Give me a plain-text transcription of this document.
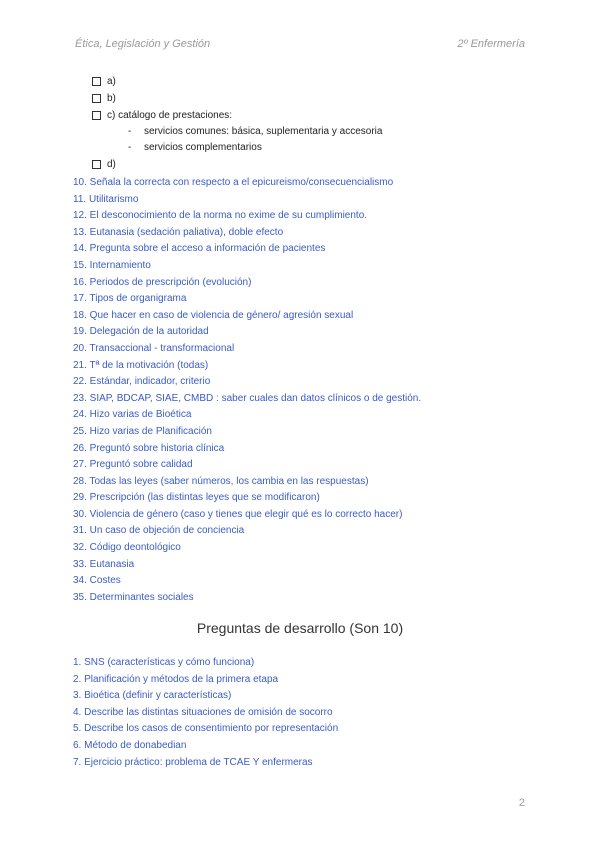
Ética, Legislación y Gestión	2º Enfermería
a)
b)
c) catálogo de prestaciones:
-	servicios comunes: básica, suplementaria y accesoria
-	servicios complementarios
d)
10. Señala la correcta con respecto a el epicureismo/consecuencialismo
11. Utilitarismo
12. El desconocimiento de la norma no exime de su cumplimiento.
13. Eutanasia (sedación paliativa), doble efecto
14. Pregunta sobre el acceso a información de pacientes
15. Internamiento
16. Periodos de prescripción (evolución)
17. Tipos de organigrama
18. Que hacer en caso de violencia de género/ agresión sexual
19. Delegación de la autoridad
20. Transaccional - transformacional
21. Tª de la motivación (todas)
22. Estándar, indicador, criterio
23. SIAP, BDCAP, SIAE, CMBD : saber cuales dan datos clínicos o de gestión.
24. Hizo varias de Bioética
25. Hizo varias de Planificación
26. Preguntó sobre historia clínica
27. Preguntó sobre calidad
28. Todas las leyes (saber números, los cambia en las respuestas)
29. Prescripción (las distintas leyes que se modificaron)
30. Violencia de género (caso y tienes que elegir qué es lo correcto hacer)
31. Un caso de objeción de conciencia
32. Código deontológico
33. Eutanasia
34. Costes
35. Determinantes sociales
Preguntas de desarrollo (Son 10)
1. SNS (características y cómo funciona)
2. Planificación y métodos de la primera etapa
3. Bioética (definir y características)
4. Describe las distintas situaciones de omisión de socorro
5. Describe los casos de consentimiento por representación
6. Método de donabedian
7. Ejercicio práctico: problema de TCAE Y enfermeras
2
